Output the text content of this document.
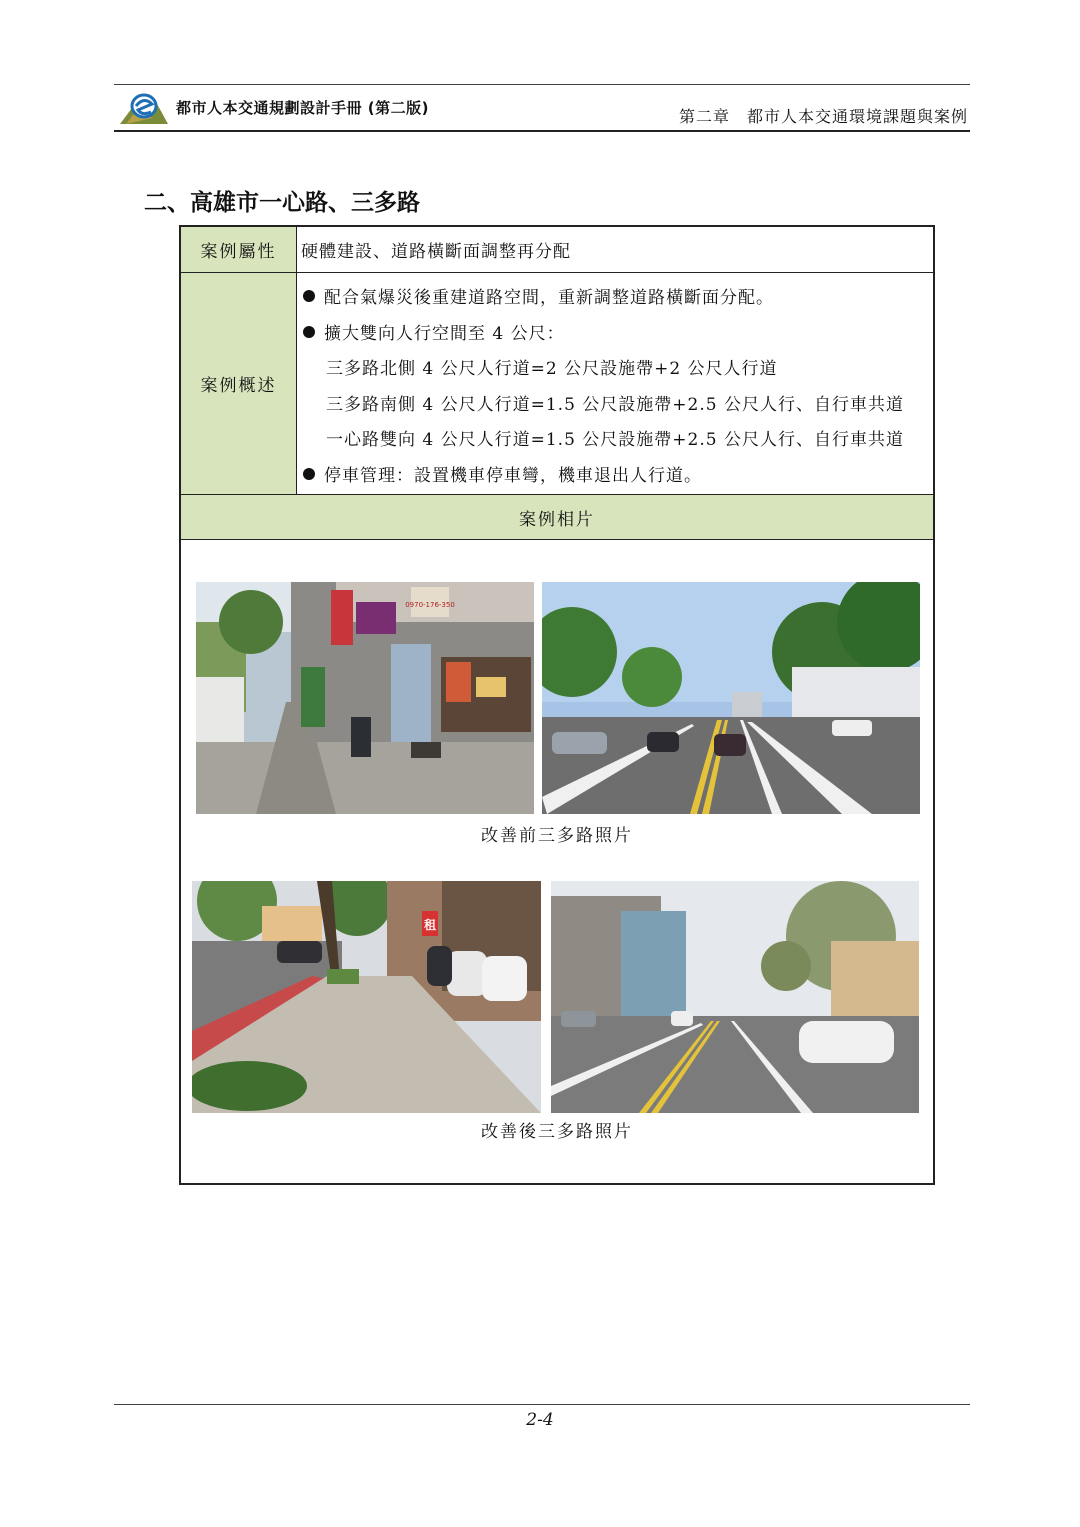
都市人本交通規劃設計手冊 (第二版)	第二章　都市人本交通環境課題與案例
二、高雄市一心路、三多路
案例屬性	硬體建設、道路橫斷面調整再分配
案例概述
配合氣爆災後重建道路空間，重新調整道路橫斷面分配。
擴大雙向人行空間至 4 公尺：
三多路北側 4 公尺人行道=2 公尺設施帶+2 公尺人行道
三多路南側 4 公尺人行道=1.5 公尺設施帶+2.5 公尺人行、自行車共道
一心路雙向 4 公尺人行道=1.5 公尺設施帶+2.5 公尺人行、自行車共道
停車管理：設置機車停車彎，機車退出人行道。
案例相片
0970-176-350
改善前三多路照片
租
改善後三多路照片
2-4
